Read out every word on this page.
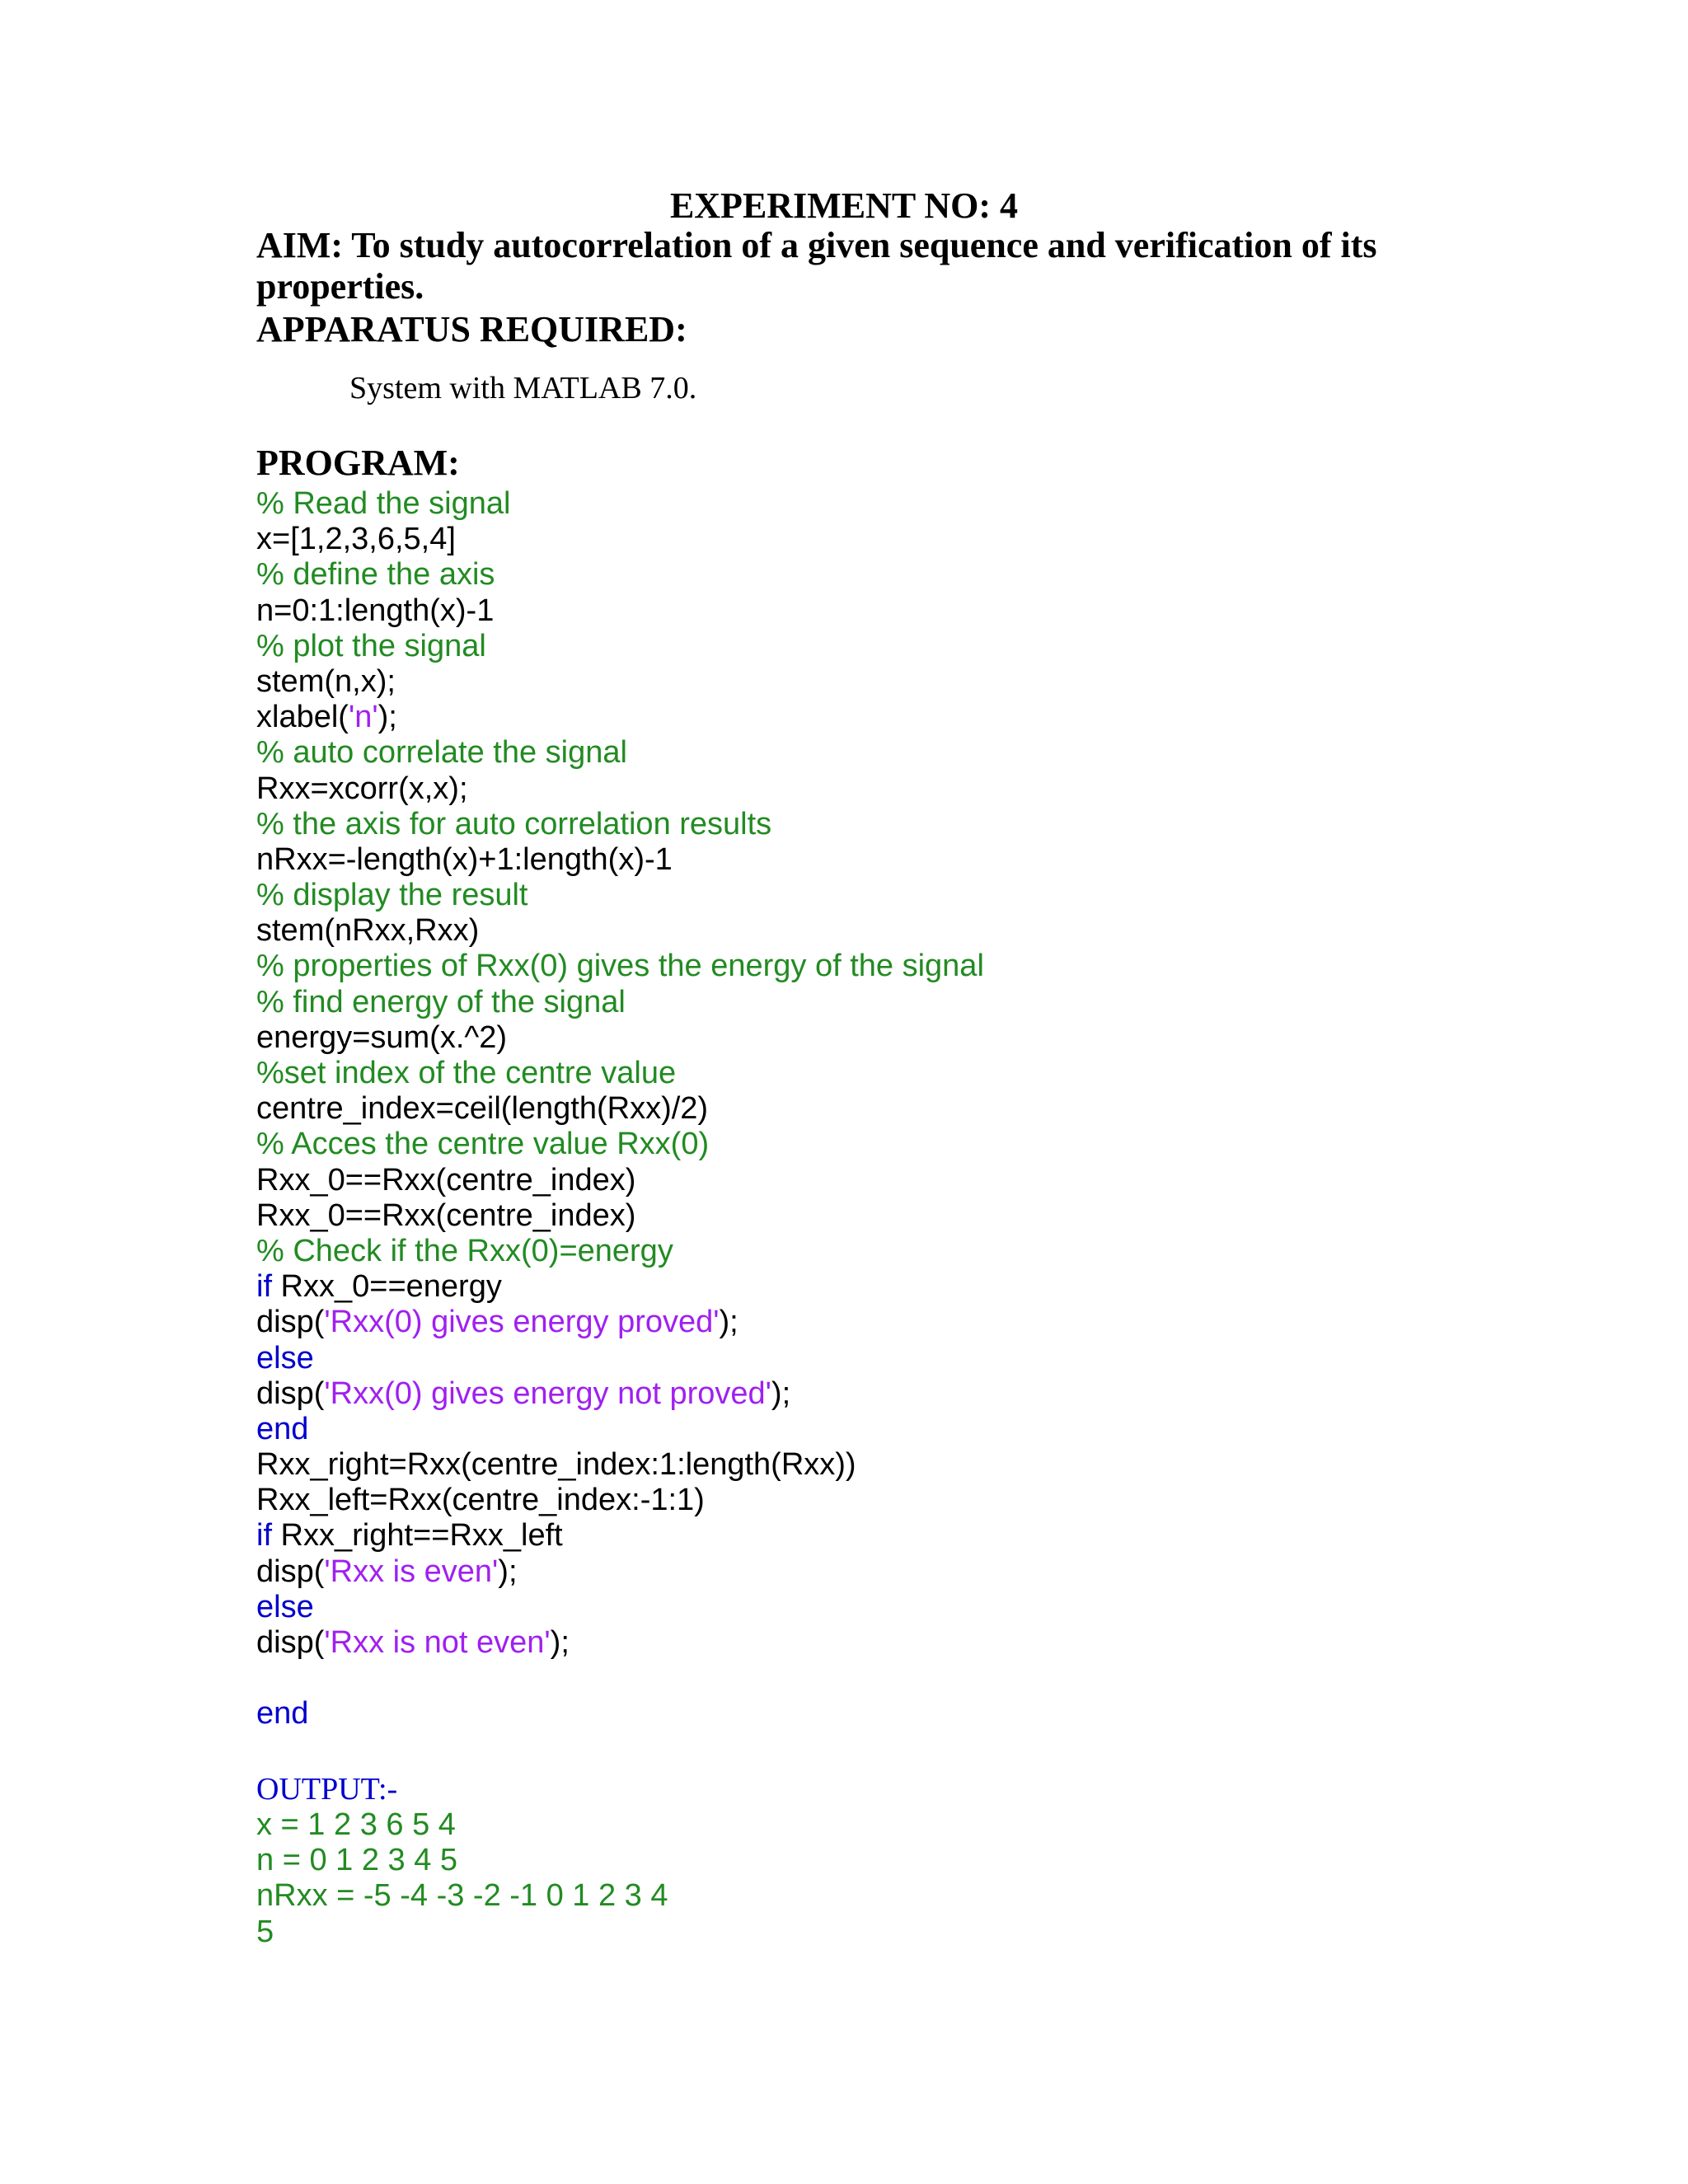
EXPERIMENT NO: 4
AIM: To study autocorrelation of a given sequence and verification of its properties.
APPARATUS REQUIRED:
System with MATLAB 7.0.
PROGRAM:
% Read the signal
x=[1,2,3,6,5,4]
% define the axis
n=0:1:length(x)-1
% plot the signal
stem(n,x);
xlabel('n');
% auto correlate the signal
Rxx=xcorr(x,x);
% the axis for auto correlation results
nRxx=-length(x)+1:length(x)-1
% display the result
stem(nRxx,Rxx)
% properties of Rxx(0) gives the energy of the signal
% find energy of the signal
energy=sum(x.^2)
%set index of the centre value
centre_index=ceil(length(Rxx)/2)
% Acces the centre value Rxx(0)
Rxx_0==Rxx(centre_index)
Rxx_0==Rxx(centre_index)
% Check if the Rxx(0)=energy
if Rxx_0==energy
disp('Rxx(0) gives energy proved');
else
disp('Rxx(0) gives energy not proved');
end
Rxx_right=Rxx(centre_index:1:length(Rxx))
Rxx_left=Rxx(centre_index:-1:1)
if Rxx_right==Rxx_left
disp('Rxx is even');
else
disp('Rxx is not even');
end
OUTPUT:-
x = 1 2 3 6 5 4
n = 0 1 2 3 4 5
nRxx = -5 -4 -3 -2 -1 0 1 2 3 4
5
